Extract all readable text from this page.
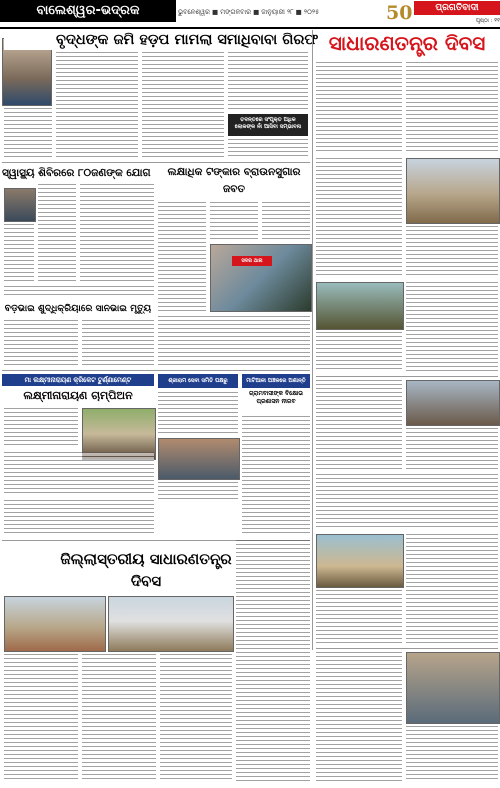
ବାଲେଶ୍ୱର-ଭଦ୍ରକ	ଭୁବନେଶ୍ୱର ■ ମଙ୍ଗଳବାର ■ ଜାନୁୟାରୀ ୨୮ ■ ୨୦୨୫	50	ପ୍ରଗତିବାଦୀ
ପୃଷ୍ଠା : ୧୧
ବୃଦ୍ଧଙ୍କ ଜମି ହଡ଼ପ ମାମଲା ସମାଧିବାବା ଗିରଫ
ତଦନ୍ତରେ ସଂପୃକ୍ତ ଅଧିକ ଲୋକଙ୍କ ନାଁ ଆସିବା ସମ୍ଭାବନା
ସାଧାରଣତନ୍ତ୍ର ଦିବସ
ସ୍ୱାସ୍ଥ୍ୟ ଶିବିରରେ ୮୦ଜଣଙ୍କ ଯୋଗ	ଲକ୍ଷାଧିକ ଟଙ୍କାର ବ୍ରାଉନସୁଗାର ଜବତ
ସଦର ଥାନା
ବଡ଼ଭାଇ ଶୁଦ୍ଧିକ୍ରିୟାରେ ସାନଭାଇ ମୃତ୍ୟୁ
ମା ଲକ୍ଷ୍ମୀନାରାୟଣ କ୍ରିକେଟ ଟୁର୍ଣ୍ଣାମେଣ୍ଟ
ଲକ୍ଷ୍ମୀନାରାୟଣ ଚାମ୍ପିଅନ
ଶ୍ରୀରାମ ସେବା ସମିତି ପକ୍ଷରୁ	ମାଟିଆଳୀ ଅଞ୍ଚଳରେ ଅଶାନ୍ତି
ଗ୍ରାମବାସୀଙ୍କ ବିକ୍ଷୋଭ ପ୍ରଶାସନ ନୀରବ
ଜିଲ୍ଲାସ୍ତରୀୟ ସାଧାରଣତନ୍ତ୍ର ଦିବସ
